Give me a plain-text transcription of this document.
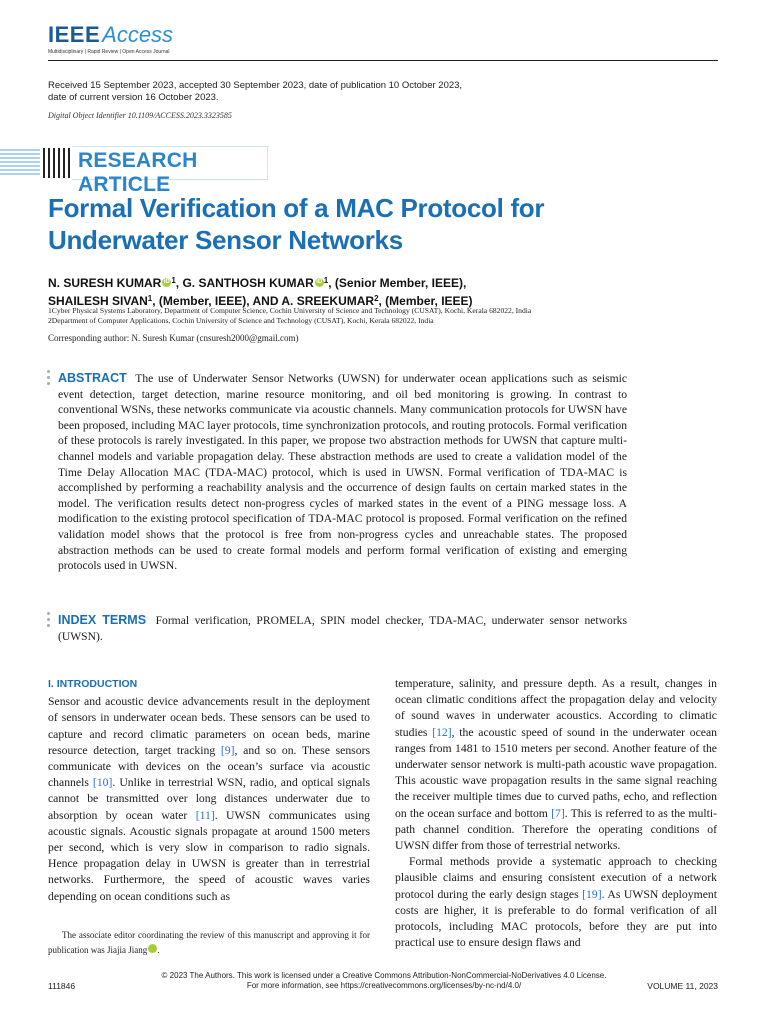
IEEE Access
Multidisciplinary | Rapid Review | Open Access Journal
Received 15 September 2023, accepted 30 September 2023, date of publication 10 October 2023,
date of current version 16 October 2023.
Digital Object Identifier 10.1109/ACCESS.2023.3323585
RESEARCH ARTICLE
Formal Verification of a MAC Protocol for Underwater Sensor Networks
N. SURESH KUMAR iD $^1$, G. SANTHOSH KUMAR iD $^1$, (Senior Member, IEEE),
SHAILESH SIVAN$^1$, (Member, IEEE), AND A. SREEKUMAR$^2$, (Member, IEEE)
1Cyber Physical Systems Laboratory, Department of Computer Science, Cochin University of Science and Technology (CUSAT), Kochi, Kerala 682022, India
2Department of Computer Applications, Cochin University of Science and Technology (CUSAT), Kochi, Kerala 682022, India
Corresponding author: N. Suresh Kumar (cnsuresh2000@gmail.com)
ABSTRACT The use of Underwater Sensor Networks (UWSN) for underwater ocean applications such as seismic event detection, target detection, marine resource monitoring, and oil bed monitoring is growing. In contrast to conventional WSNs, these networks communicate via acoustic channels. Many communication protocols for UWSN have been proposed, including MAC layer protocols, time synchronization protocols, and routing protocols. Formal verification of these protocols is rarely investigated. In this paper, we propose two abstraction methods for UWSN that capture multi-channel models and variable propagation delay. These abstraction methods are used to create a validation model of the Time Delay Allocation MAC (TDA-MAC) protocol, which is used in UWSN. Formal verification of TDA-MAC is accomplished by performing a reachability analysis and the occurrence of design faults on certain marked states in the model. The verification results detect non-progress cycles of marked states in the event of a PING message loss. A modification to the existing protocol specification of TDA-MAC protocol is proposed. Formal verification on the refined validation model shows that the protocol is free from non-progress cycles and unreachable states. The proposed abstraction methods can be used to create formal models and perform formal verification of existing and emerging protocols used in UWSN.
INDEX TERMS Formal verification, PROMELA, SPIN model checker, TDA-MAC, underwater sensor networks (UWSN).
I. INTRODUCTION

Sensor and acoustic device advancements result in the deployment of sensors in underwater ocean beds. These sensors can be used to capture and record climatic parameters on ocean beds, marine resource detection, target tracking [9], and so on. These sensors communicate with devices on the ocean’s surface via acoustic channels [10]. Unlike in terrestrial WSN, radio, and optical signals cannot be transmitted over long distances underwater due to absorption by ocean water [11]. UWSN communicates using acoustic signals. Acoustic signals propagate at around 1500 meters per second, which is very slow in comparison to radio signals. Hence propagation delay in UWSN is greater than in terrestrial networks. Furthermore, the speed of acoustic waves varies depending on ocean conditions such as

temperature, salinity, and pressure depth. As a result, changes in ocean climatic conditions affect the propagation delay and velocity of sound waves in underwater acoustics. According to climatic studies [12], the acoustic speed of sound in the underwater ocean ranges from 1481 to 1510 meters per second. Another feature of the underwater sensor network is multi-path acoustic wave propagation. This acoustic wave propagation results in the same signal reaching the receiver multiple times due to curved paths, echo, and reflection on the ocean surface and bottom [7]. This is referred to as the multi-path channel condition. Therefore the operating conditions of UWSN differ from those of terrestrial networks.

Formal methods provide a systematic approach to checking plausible claims and ensuring consistent execution of a network protocol during the early design stages [19]. As UWSN deployment costs are higher, it is preferable to do formal verification of all protocols, including MAC protocols, before they are put into practical use to ensure design flaws and

The associate editor coordinating the review of this manuscript and approving it for publication was Jiajia Jiang	iD.
© 2023 The Authors. This work is licensed under a Creative Commons Attribution-NonCommercial-NoDerivatives 4.0 License.
For more information, see https://creativecommons.org/licenses/by-nc-nd/4.0/
111846	VOLUME 11, 2023
